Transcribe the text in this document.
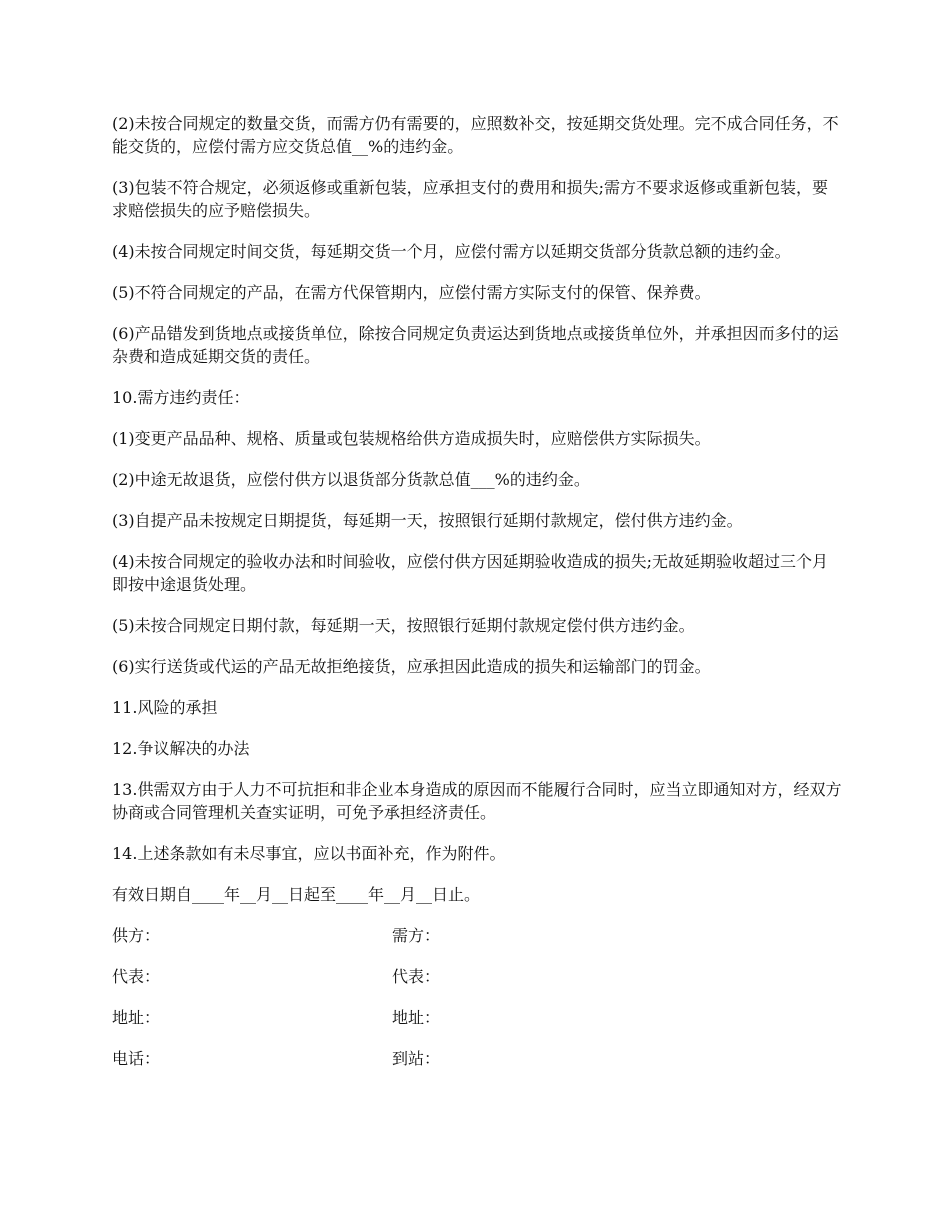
(2)未按合同规定的数量交货，而需方仍有需要的，应照数补交，按延期交货处理。完不成合同任务，不能交货的，应偿付需方应交货总值__%的违约金。

(3)包装不符合规定，必须返修或重新包装，应承担支付的费用和损失;需方不要求返修或重新包装，要求赔偿损失的应予赔偿损失。

(4)未按合同规定时间交货，每延期交货一个月，应偿付需方以延期交货部分货款总额的违约金。

(5)不符合同规定的产品，在需方代保管期内，应偿付需方实际支付的保管、保养费。

(6)产品错发到货地点或接货单位，除按合同规定负责运达到货地点或接货单位外，并承担因而多付的运杂费和造成延期交货的责任。

10.需方违约责任：

(1)变更产品品种、规格、质量或包装规格给供方造成损失时，应赔偿供方实际损失。

(2)中途无故退货，应偿付供方以退货部分货款总值___%的违约金。

(3)自提产品未按规定日期提货，每延期一天，按照银行延期付款规定，偿付供方违约金。

(4)未按合同规定的验收办法和时间验收，应偿付供方因延期验收造成的损失;无故延期验收超过三个月即按中途退货处理。

(5)未按合同规定日期付款，每延期一天，按照银行延期付款规定偿付供方违约金。

(6)实行送货或代运的产品无故拒绝接货，应承担因此造成的损失和运输部门的罚金。

11.风险的承担

12.争议解决的办法

13.供需双方由于人力不可抗拒和非企业本身造成的原因而不能履行合同时，应当立即通知对方，经双方协商或合同管理机关查实证明，可免予承担经济责任。

14.上述条款如有未尽事宜，应以书面补充，作为附件。

有效日期自____年__月__日起至____年__月__日止。

供方：	需方：
代表：	代表：
地址：	地址：
电话：	到站：
